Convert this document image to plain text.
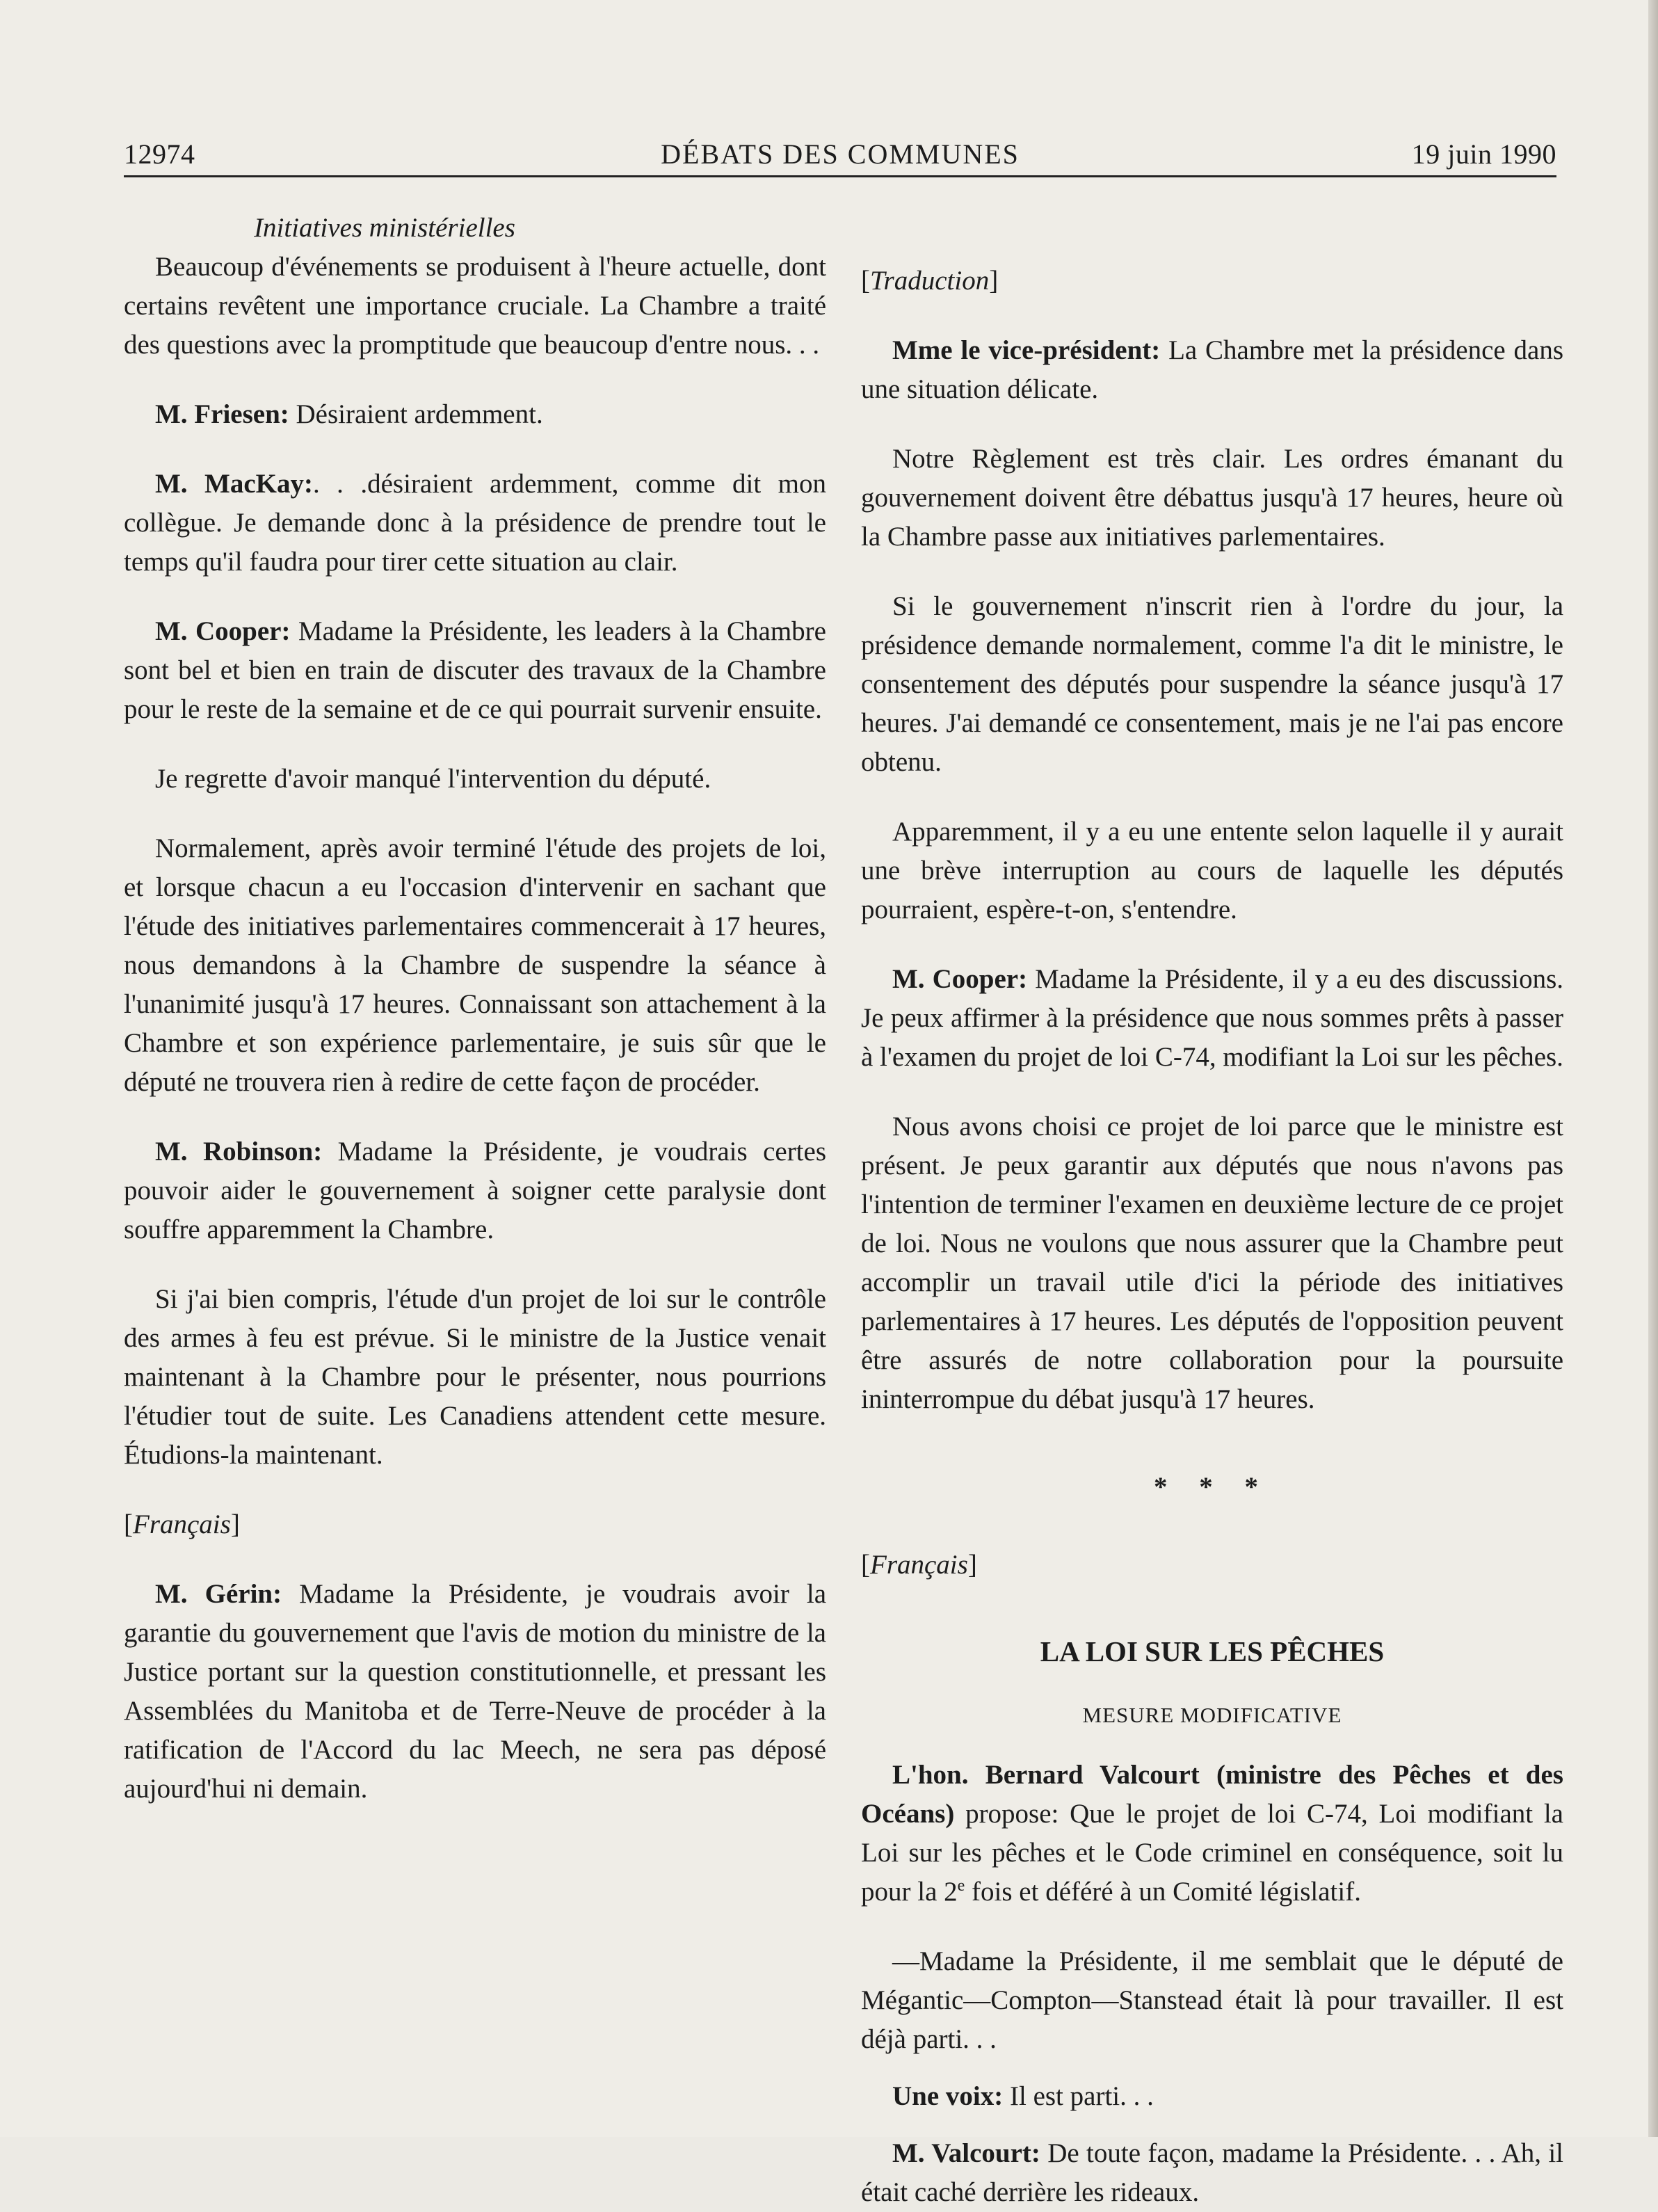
12974	DÉBATS DES COMMUNES	19 juin 1990

Initiatives ministérielles

Beaucoup d'événements se produisent à l'heure actuelle, dont certains revêtent une importance cruciale. La Chambre a traité des questions avec la promptitude que beaucoup d'entre nous. . .

M. Friesen: Désiraient ardemment.

M. MacKay:. . .désiraient ardemment, comme dit mon collègue. Je demande donc à la présidence de prendre tout le temps qu'il faudra pour tirer cette situation au clair.

M. Cooper: Madame la Présidente, les leaders à la Chambre sont bel et bien en train de discuter des travaux de la Chambre pour le reste de la semaine et de ce qui pourrait survenir ensuite.

Je regrette d'avoir manqué l'intervention du député.

Normalement, après avoir terminé l'étude des projets de loi, et lorsque chacun a eu l'occasion d'intervenir en sachant que l'étude des initiatives parlementaires commencerait à 17 heures, nous demandons à la Chambre de suspendre la séance à l'unanimité jusqu'à 17 heures. Connaissant son attachement à la Chambre et son expérience parlementaire, je suis sûr que le député ne trouvera rien à redire de cette façon de procéder.

M. Robinson: Madame la Présidente, je voudrais certes pouvoir aider le gouvernement à soigner cette paralysie dont souffre apparemment la Chambre.

Si j'ai bien compris, l'étude d'un projet de loi sur le contrôle des armes à feu est prévue. Si le ministre de la Justice venait maintenant à la Chambre pour le présenter, nous pourrions l'étudier tout de suite. Les Canadiens attendent cette mesure. Étudions-la maintenant.

[Français]

M. Gérin: Madame la Présidente, je voudrais avoir la garantie du gouvernement que l'avis de motion du ministre de la Justice portant sur la question constitutionnelle, et pressant les Assemblées du Manitoba et de Terre-Neuve de procéder à la ratification de l'Accord du lac Meech, ne sera pas déposé aujourd'hui ni demain.

[Traduction]

Mme le vice-président: La Chambre met la présidence dans une situation délicate.

Notre Règlement est très clair. Les ordres émanant du gouvernement doivent être débattus jusqu'à 17 heures, heure où la Chambre passe aux initiatives parlementaires.

Si le gouvernement n'inscrit rien à l'ordre du jour, la présidence demande normalement, comme l'a dit le ministre, le consentement des députés pour suspendre la séance jusqu'à 17 heures. J'ai demandé ce consentement, mais je ne l'ai pas encore obtenu.

Apparemment, il y a eu une entente selon laquelle il y aurait une brève interruption au cours de laquelle les députés pourraient, espère-t-on, s'entendre.

M. Cooper: Madame la Présidente, il y a eu des discussions. Je peux affirmer à la présidence que nous sommes prêts à passer à l'examen du projet de loi C-74, modifiant la Loi sur les pêches.

Nous avons choisi ce projet de loi parce que le ministre est présent. Je peux garantir aux députés que nous n'avons pas l'intention de terminer l'examen en deuxième lecture de ce projet de loi. Nous ne voulons que nous assurer que la Chambre peut accomplir un travail utile d'ici la période des initiatives parlementaires à 17 heures. Les députés de l'opposition peuvent être assurés de notre collaboration pour la poursuite ininterrompue du débat jusqu'à 17 heures.

* * *

[Français]

LA LOI SUR LES PÊCHES

MESURE MODIFICATIVE

L'hon. Bernard Valcourt (ministre des Pêches et des Océans) propose: Que le projet de loi C-74, Loi modifiant la Loi sur les pêches et le Code criminel en conséquence, soit lu pour la 2e fois et déféré à un Comité législatif.

—Madame la Présidente, il me semblait que le député de Mégantic—Compton—Stanstead était là pour travailler. Il est déjà parti. . .

Une voix: Il est parti. . .

M. Valcourt: De toute façon, madame la Présidente. . . Ah, il était caché derrière les rideaux.
